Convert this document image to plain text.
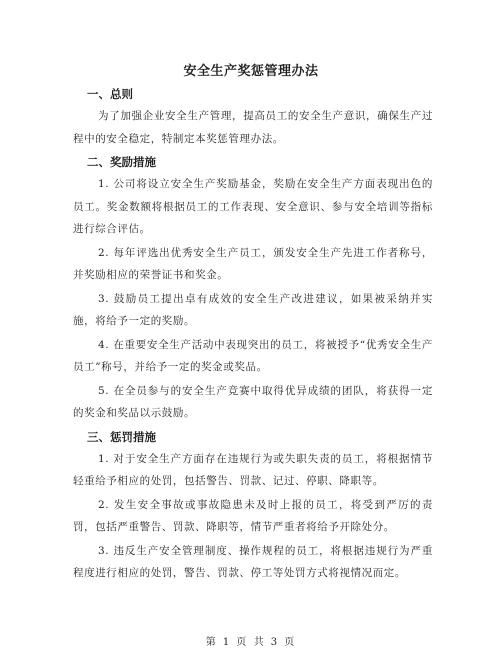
安全生产奖惩管理办法
一、总则

为了加强企业安全生产管理，提高员工的安全生产意识，确保生产过程中的安全稳定，特制定本奖惩管理办法。

二、奖励措施

1. 公司将设立安全生产奖励基金，奖励在安全生产方面表现出色的员工。奖金数额将根据员工的工作表现、安全意识、参与安全培训等指标进行综合评估。

2. 每年评选出优秀安全生产员工，颁发安全生产先进工作者称号，并奖励相应的荣誉证书和奖金。

3. 鼓励员工提出卓有成效的安全生产改进建议，如果被采纳并实施，将给予一定的奖励。

4. 在重要安全生产活动中表现突出的员工，将被授予“优秀安全生产员工”称号，并给予一定的奖金或奖品。

5. 在全员参与的安全生产竞赛中取得优异成绩的团队，将获得一定的奖金和奖品以示鼓励。

三、惩罚措施

1. 对于安全生产方面存在违规行为或失职失责的员工，将根据情节轻重给予相应的处罚，包括警告、罚款、记过、停职、降职等。

2. 发生安全事故或事故隐患未及时上报的员工，将受到严厉的责罚，包括严重警告、罚款、降职等，情节严重者将给予开除处分。

3. 违反生产安全管理制度、操作规程的员工，将根据违规行为严重程度进行相应的处罚，警告、罚款、停工等处罚方式将视情况而定。

第 1 页 共 3 页
